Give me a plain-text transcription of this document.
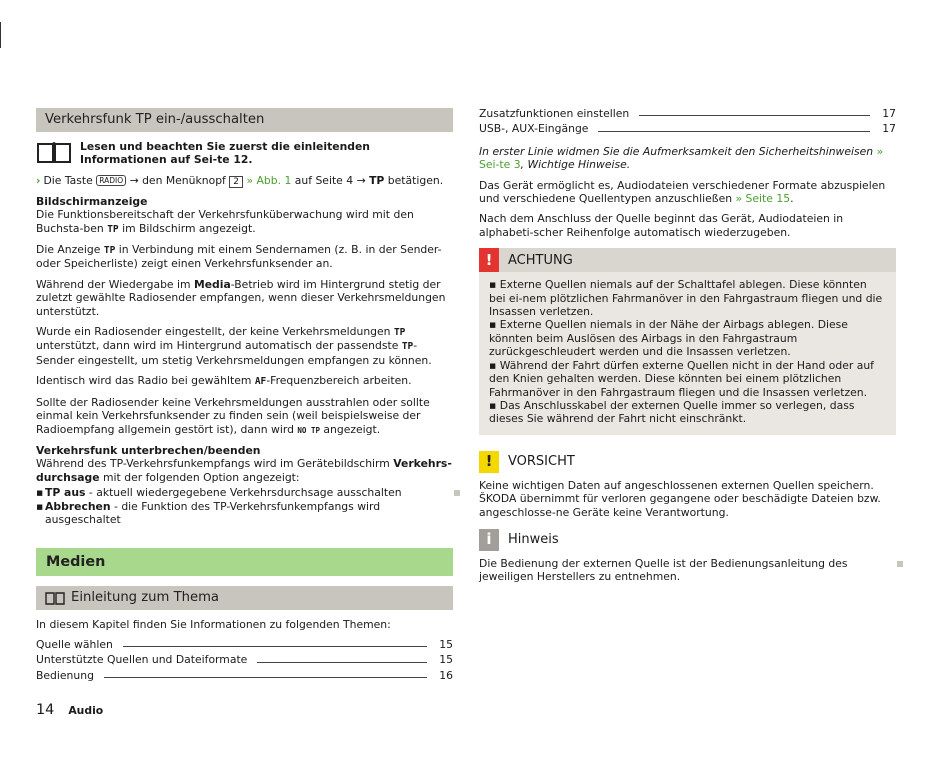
Verkehrsfunk TP ein-/ausschalten
Lesen und beachten Sie zuerst die einleitenden Informationen auf Sei-te 12.
› Die Taste RADIO → den Menüknopf 2 » Abb. 1 auf Seite 4 → TP betätigen.
Bildschirmanzeige
Die Funktionsbereitschaft der Verkehrsfunküberwachung wird mit den Buchsta-ben TP im Bildschirm angezeigt.
Die Anzeige TP in Verbindung mit einem Sendernamen (z. B. in der Sender- oder Speicherliste) zeigt einen Verkehrsfunksender an.
Während der Wiedergabe im Media-Betrieb wird im Hintergrund stetig der zuletzt gewählte Radiosender empfangen, wenn dieser Verkehrsmeldungen unterstützt.
Wurde ein Radiosender eingestellt, der keine Verkehrsmeldungen TP unterstützt, dann wird im Hintergrund automatisch der passendste TP-Sender eingestellt, um stetig Verkehrsmeldungen empfangen zu können.
Identisch wird das Radio bei gewähltem AF-Frequenzbereich arbeiten.
Sollte der Radiosender keine Verkehrsmeldungen ausstrahlen oder sollte einmal kein Verkehrsfunksender zu finden sein (weil beispielsweise der Radioempfang allgemein gestört ist), dann wird NO TP angezeigt.
Verkehrsfunk unterbrechen/beenden
Während des TP-Verkehrsfunkempfangs wird im Gerätebildschirm Verkehrs-durchsage mit der folgenden Option angezeigt:
▪ TP aus - aktuell wiedergegebene Verkehrsdurchsage ausschalten
▪ Abbrechen - die Funktion des TP-Verkehrsfunkempfangs wird ausgeschaltet
Medien
Einleitung zum Thema
In diesem Kapitel finden Sie Informationen zu folgenden Themen:
Quelle wählen	15
Unterstützte Quellen und Dateiformate	15
Bedienung	16
Zusatzfunktionen einstellen	17
USB-, AUX-Eingänge	17
In erster Linie widmen Sie die Aufmerksamkeit den Sicherheitshinweisen » Sei-te 3, Wichtige Hinweise.
Das Gerät ermöglicht es, Audiodateien verschiedener Formate abzuspielen und verschiedene Quellentypen anzuschließen » Seite 15.
Nach dem Anschluss der Quelle beginnt das Gerät, Audiodateien in alphabeti-scher Reihenfolge automatisch wiederzugeben.
!	ACHTUNG
▪ Externe Quellen niemals auf der Schalttafel ablegen. Diese könnten bei ei-nem plötzlichen Fahrmanöver in den Fahrgastraum fliegen und die Insassen verletzen.
▪ Externe Quellen niemals in der Nähe der Airbags ablegen. Diese könnten beim Auslösen des Airbags in den Fahrgastraum zurückgeschleudert werden und die Insassen verletzen.
▪ Während der Fahrt dürfen externe Quellen nicht in der Hand oder auf den Knien gehalten werden. Diese könnten bei einem plötzlichen Fahrmanöver in den Fahrgastraum fliegen und die Insassen verletzen.
▪ Das Anschlusskabel der externen Quelle immer so verlegen, dass dieses Sie während der Fahrt nicht einschränkt.
!	VORSICHT
Keine wichtigen Daten auf angeschlossenen externen Quellen speichern. ŠKODA übernimmt für verloren gegangene oder beschädigte Dateien bzw. angeschlosse-ne Geräte keine Verantwortung.
i	Hinweis
Die Bedienung der externen Quelle ist der Bedienungsanleitung des jeweiligen Herstellers zu entnehmen.
14 Audio
